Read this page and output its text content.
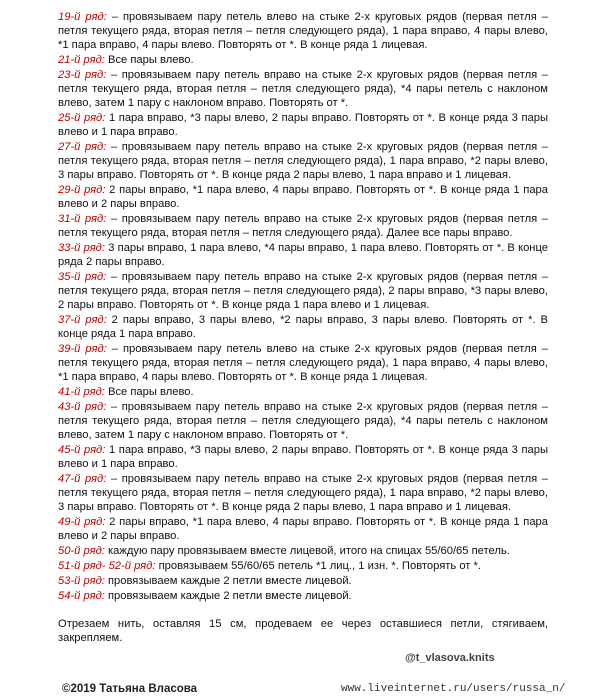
19-й ряд: – провязываем пару петель влево на стыке 2-х круговых рядов (первая петля – петля текущего ряда, вторая петля – петля следующего ряда), 1 пара вправо, 4 пары влево, *1 пара вправо, 4 пары влево. Повторять от *. В конце ряда 1 лицевая.
21-й ряд: Все пары влево.
23-й ряд: – провязываем пару петель вправо на стыке 2-х круговых рядов (первая петля – петля текущего ряда, вторая петля – петля следующего ряда), *4 пары петель с наклоном влево, затем 1 пару с наклоном вправо. Повторять от *.
25-й ряд: 1 пара вправо, *3 пары влево, 2 пары вправо. Повторять от *. В конце ряда 3 пары влево и 1 пара вправо.
27-й ряд: – провязываем пару петель вправо на стыке 2-х круговых рядов (первая петля – петля текущего ряда, вторая петля – петля следующего ряда), 1 пара вправо, *2 пары влево, 3 пары вправо. Повторять от *. В конце ряда 2 пары влево, 1 пара вправо и 1 лицевая.
29-й ряд: 2 пары вправо, *1 пара влево, 4 пары вправо. Повторять от *. В конце ряда 1 пара влево и 2 пары вправо.
31-й ряд: – провязываем пару петель вправо на стыке 2-х круговых рядов (первая петля – петля текущего ряда, вторая петля – петля следующего ряда). Далее все пары вправо.
33-й ряд: 3 пары вправо, 1 пара влево, *4 пары вправо, 1 пара влево. Повторять от *. В конце ряда 2 пары вправо.
35-й ряд: – провязываем пару петель вправо на стыке 2-х круговых рядов (первая петля – петля текущего ряда, вторая петля – петля следующего ряда), 2 пары вправо, *3 пары влево, 2 пары вправо. Повторять от *. В конце ряда 1 пара влево и 1 лицевая.
37-й ряд: 2 пары вправо, 3 пары влево, *2 пары вправо, 3 пары влево. Повторять от *. В конце ряда 1 пара вправо.
39-й ряд: – провязываем пару петель влево на стыке 2-х круговых рядов (первая петля – петля текущего ряда, вторая петля – петля следующего ряда), 1 пара вправо, 4 пары влево, *1 пара вправо, 4 пары влево. Повторять от *. В конце ряда 1 лицевая.
41-й ряд: Все пары влево.
43-й ряд: – провязываем пару петель вправо на стыке 2-х круговых рядов (первая петля – петля текущего ряда, вторая петля – петля следующего ряда), *4 пары петель с наклоном влево, затем 1 пару с наклоном вправо. Повторять от *.
45-й ряд: 1 пара вправо, *3 пары влево, 2 пары вправо. Повторять от *. В конце ряда 3 пары влево и 1 пара вправо.
47-й ряд: – провязываем пару петель вправо на стыке 2-х круговых рядов (первая петля – петля текущего ряда, вторая петля – петля следующего ряда), 1 пара вправо, *2 пары влево, 3 пары вправо. Повторять от *. В конце ряда 2 пары влево, 1 пара вправо и 1 лицевая.
49-й ряд: 2 пары вправо, *1 пара влево, 4 пары вправо. Повторять от *. В конце ряда 1 пара влево и 2 пары вправо.
50-й ряд: каждую пару провязываем вместе лицевой, итого на спицах 55/60/65 петель.
51-й ряд- 52-й ряд: провязываем 55/60/65 петель *1 лиц., 1 изн. *. Повторять от *.
53-й ряд: провязываем каждые 2 петли вместе лицевой.
54-й ряд: провязываем каждые 2 петли вместе лицевой.
Отрезаем нить, оставляя 15 см, продеваем ее через оставшиеся петли, стягиваем, закрепляем.
©2019 Татьяна Власова
@t_vlasova.knits
www.liveinternet.ru/users/russa_n/
